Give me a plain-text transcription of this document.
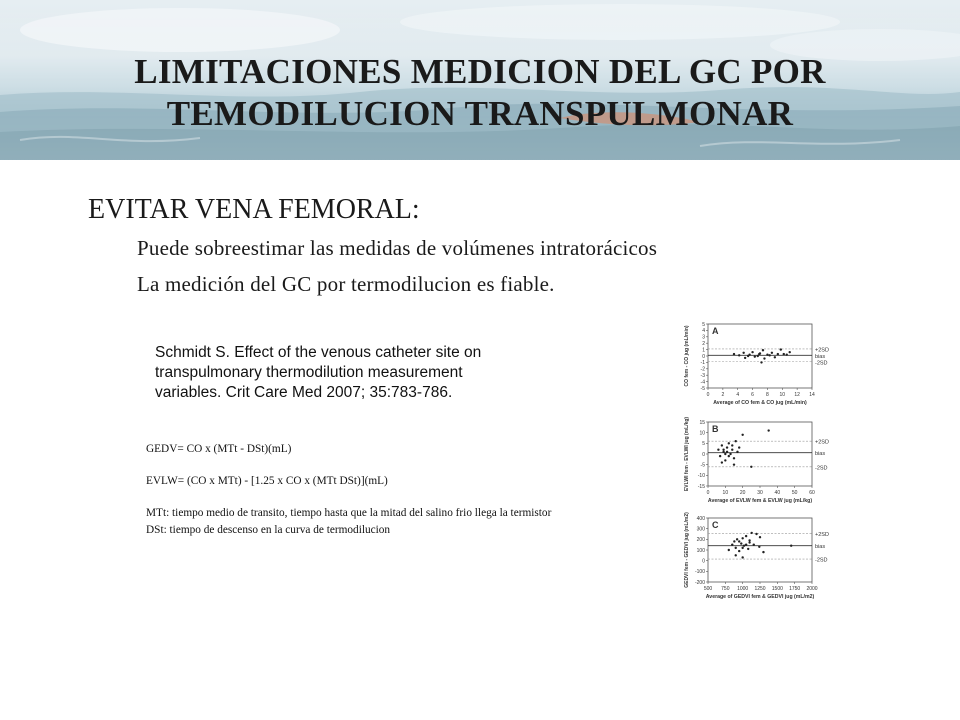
LIMITACIONES MEDICION DEL GC POR
TEMODILUCION TRANSPULMONAR
EVITAR VENA FEMORAL:
Puede sobreestimar las medidas de volúmenes intratorácicos
La medición del GC por termodilucion es fiable.
Schmidt S. Effect of the venous catheter site on
transpulmonary thermodilution measurement
variables. Crit Care Med 2007; 35:783-786.
GEDV= CO x (MTt - DSt)(mL)
EVLW= (CO x MTt) - [1.25 x CO x (MTt DSt)](mL)
MTt: tiempo medio de transito, tiempo hasta que la mitad del salino frio llega la termistor
DSt: tiempo de descenso en la curva de termodilucion
A
+2SD
bias
-2SD
0 2 4 6 8 10 12 14
-5
-4
-3
-2
-1
0
1
2
3
4
5
Average of CO fem & CO jug (mL/min)
CO fem - CO jug (mL/min)
B
+2SD
bias
-2SD
0	10 20 30 40 50 60
-15
-10
-5
0
5
10
15
Average of EVLW fem & EVLW jug (mL/kg)
EVLWI fem - EVLWI jug (mL/kg)
C
+2SD
bias
-2SD
500 750 1000 1250 1500 1750 2000
-200
-100
0
100
200
300
400
Average of GEDVI fem & GEDVI jug (mL/m2)
GEDVI fem - GEDVI jug (mL/m2)
